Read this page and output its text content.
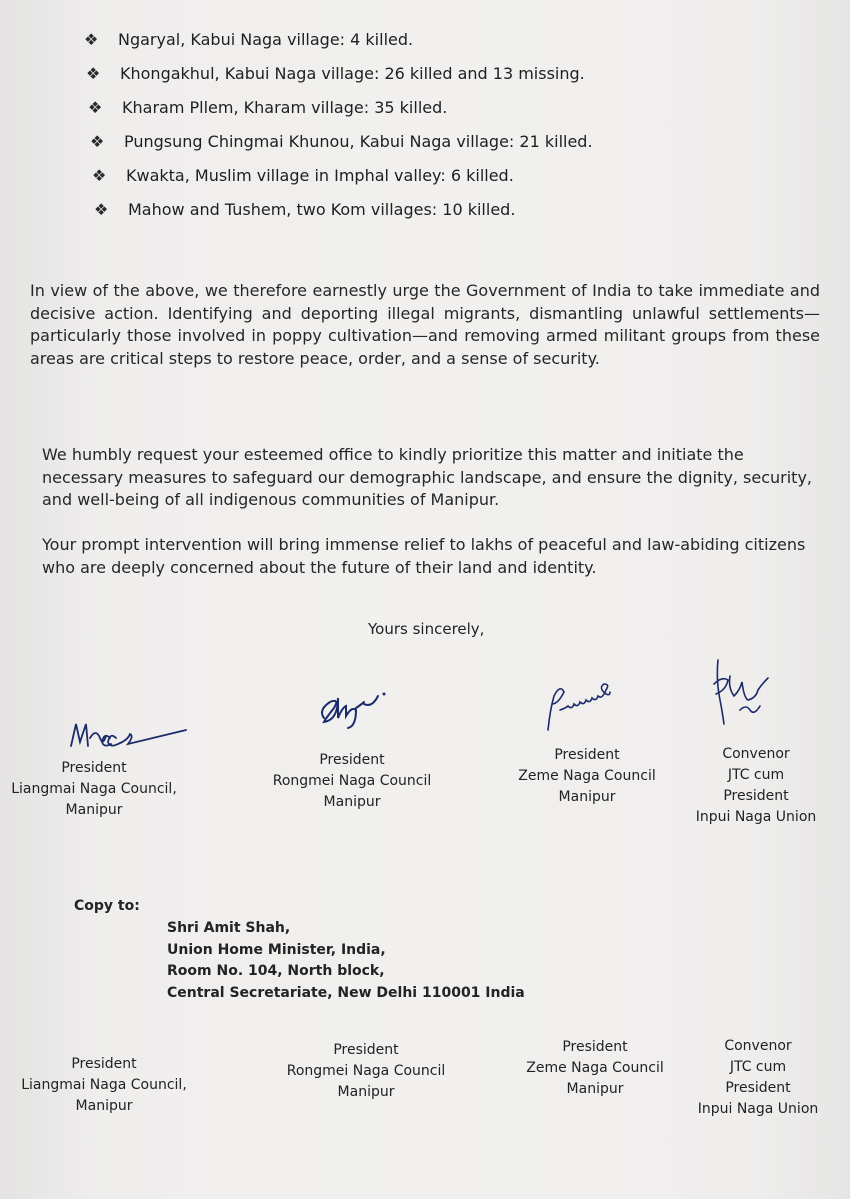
❖ Ngaryal, Kabui Naga village: 4 killed.
❖ Khongakhul, Kabui Naga village: 26 killed and 13 missing.
❖ Kharam Pllem, Kharam village: 35 killed.
❖ Pungsung Chingmai Khunou, Kabui Naga village: 21 killed.
❖ Kwakta, Muslim village in Imphal valley: 6 killed.
❖ Mahow and Tushem, two Kom villages: 10 killed.

In view of the above, we therefore earnestly urge the Government of India to take immediate and decisive action. Identifying and deporting illegal migrants, dismantling unlawful settlements—particularly those involved in poppy cultivation—and removing armed militant groups from these areas are critical steps to restore peace, order, and a sense of security.

We humbly request your esteemed office to kindly prioritize this matter and initiate the necessary measures to safeguard our demographic landscape, and ensure the dignity, security, and well-being of all indigenous communities of Manipur.

Your prompt intervention will bring immense relief to lakhs of peaceful and law-abiding citizens who are deeply concerned about the future of their land and identity.

Yours sincerely,
President
Liangmai Naga Council,
Manipur
President
Rongmei Naga Council
Manipur
President
Zeme Naga Council
Manipur
Convenor
JTC cum
President
Inpui Naga Union
Copy to:
Shri Amit Shah,
Union Home Minister, India,
Room No. 104, North block,
Central Secretariate, New Delhi 110001 India
President
Liangmai Naga Council,
Manipur
President
Rongmei Naga Council
Manipur
President
Zeme Naga Council
Manipur
Convenor
JTC cum
President
Inpui Naga Union
